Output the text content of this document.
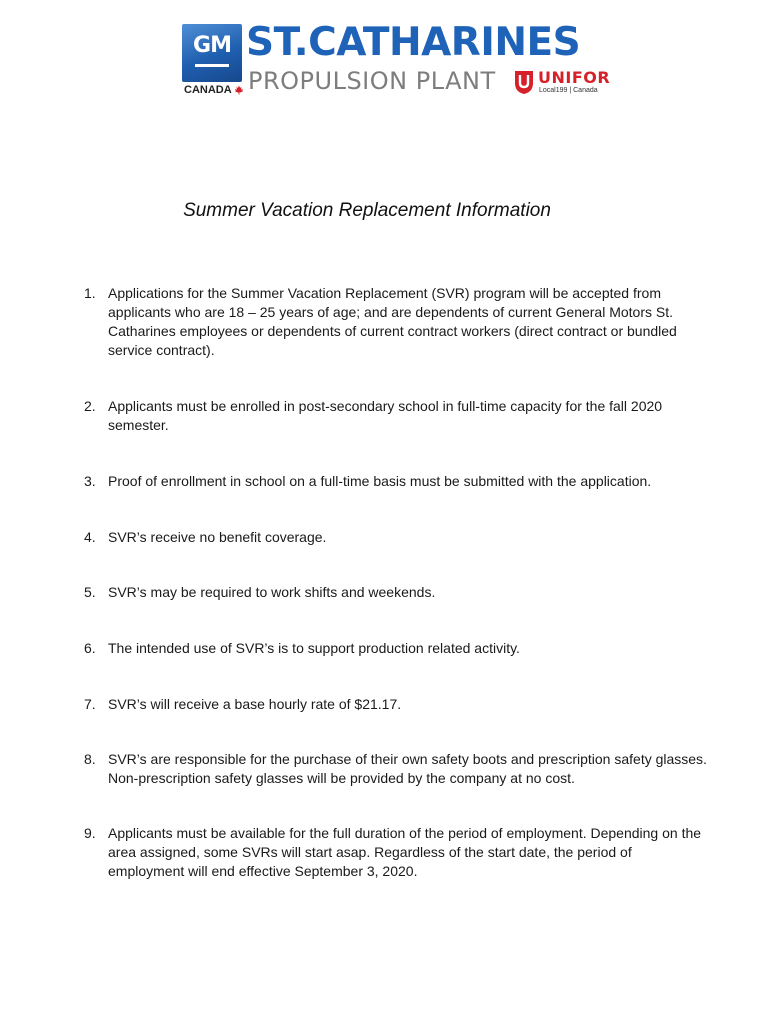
GM
CANADA
ST.CATHARINES
PROPULSION PLANT	UNIFOR
Local199 | Canada
Summer Vacation Replacement Information
1. Applications for the Summer Vacation Replacement (SVR) program will be accepted from applicants who are 18 – 25 years of age; and are dependents of current General Motors St. Catharines employees or dependents of current contract workers (direct contract or bundled service contract).
2. Applicants must be enrolled in post-secondary school in full-time capacity for the fall 2020 semester.
3. Proof of enrollment in school on a full-time basis must be submitted with the application.
4. SVR’s receive no benefit coverage.
5. SVR’s may be required to work shifts and weekends.
6. The intended use of SVR’s is to support production related activity.
7. SVR’s will receive a base hourly rate of $21.17.
8. SVR’s are responsible for the purchase of their own safety boots and prescription safety glasses. Non-prescription safety glasses will be provided by the company at no cost.
9. Applicants must be available for the full duration of the period of employment. Depending on the area assigned, some SVRs will start asap. Regardless of the start date, the period of employment will end effective September 3, 2020.
